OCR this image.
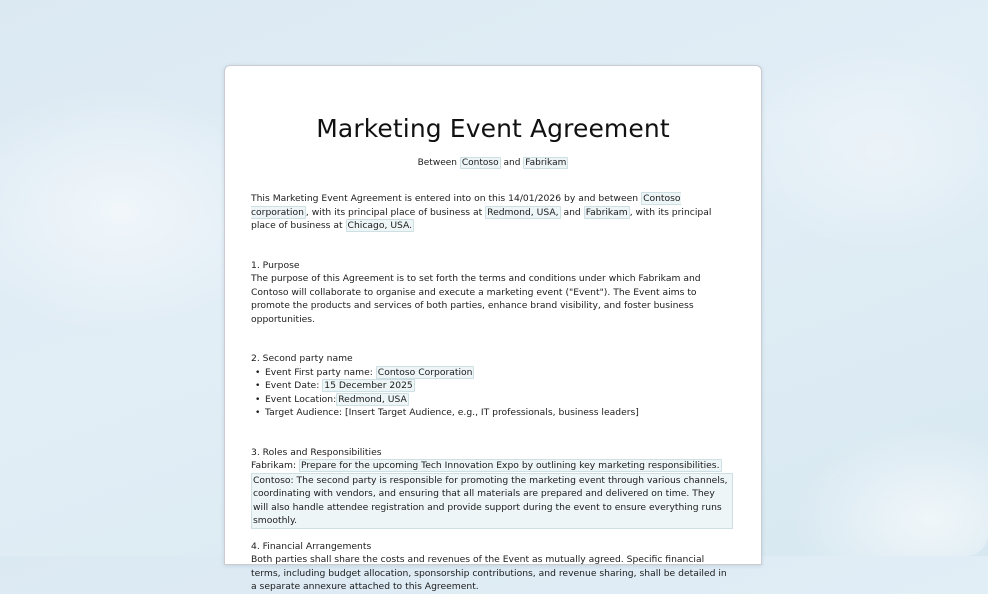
Marketing Event Agreement
Between Contoso and Fabrikam

This Marketing Event Agreement is entered into on this 14/01/2026 by and between Contoso corporation , with its principal place of business at Redmond, USA, and Fabrikam , with its principal place of business at Chicago, USA.

1. Purpose

The purpose of this Agreement is to set forth the terms and conditions under which Fabrikam and Contoso will collaborate to organise and execute a marketing event ("Event"). The Event aims to promote the products and services of both parties, enhance brand visibility, and foster business opportunities.

2. Second party name

• Event First party name: Contoso Corporation
• Event Date: 15 December 2025
• Event Location: Redmond, USA
• Target Audience: [Insert Target Audience, e.g., IT professionals, business leaders]

3. Roles and Responsibilities

Fabrikam: Prepare for the upcoming Tech Innovation Expo by outlining key marketing responsibilities.

Contoso: The second party is responsible for promoting the marketing event through various channels, coordinating with vendors, and ensuring that all materials are prepared and delivered on time. They will also handle attendee registration and provide support during the event to ensure everything runs smoothly.

4. Financial Arrangements

Both parties shall share the costs and revenues of the Event as mutually agreed. Specific financial terms, including budget allocation, sponsorship contributions, and revenue sharing, shall be detailed in a separate annexure attached to this Agreement.
